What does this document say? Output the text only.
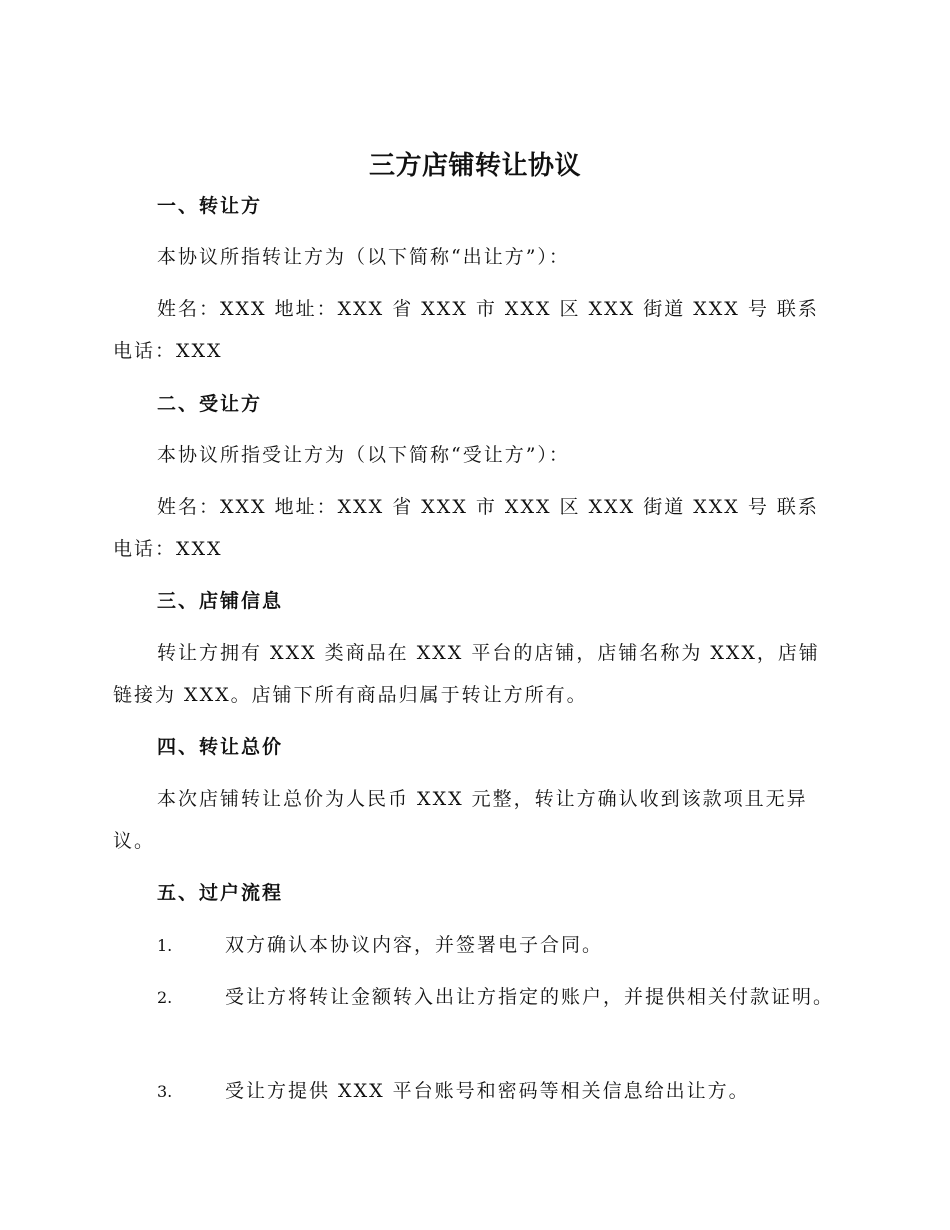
三方店铺转让协议
一、转让方

本协议所指转让方为（以下简称“出让方”）：

姓名：XXX 地址：XXX 省 XXX 市 XXX 区 XXX 街道 XXX 号 联系电话：XXX

二、受让方

本协议所指受让方为（以下简称“受让方”）：

姓名：XXX 地址：XXX 省 XXX 市 XXX 区 XXX 街道 XXX 号 联系电话：XXX

三、店铺信息

转让方拥有 XXX 类商品在 XXX 平台的店铺，店铺名称为 XXX，店铺链接为 XXX。店铺下所有商品归属于转让方所有。

四、转让总价

本次店铺转让总价为人民币 XXX 元整，转让方确认收到该款项且无异议。

五、过户流程
1.	双方确认本协议内容，并签署电子合同。
2.	受让方将转让金额转入出让方指定的账户，并提供相关付款证明。
3.	受让方提供 XXX 平台账号和密码等相关信息给出让方。
